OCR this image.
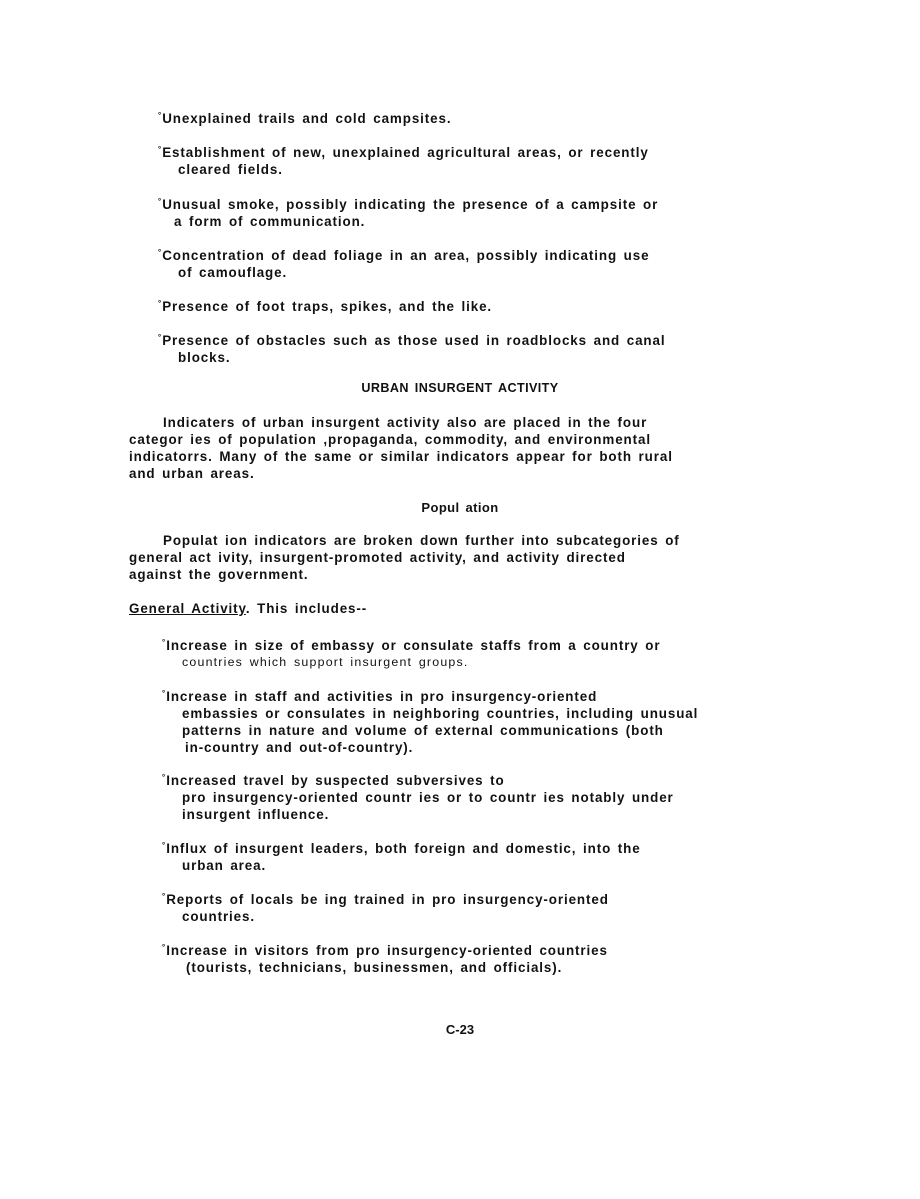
°Unexplained trails and cold campsites.
°Establishment of new, unexplained agricultural areas, or recently
cleared fields.
°Unusual smoke, possibly indicating the presence of a campsite or
a form of communication.
°Concentration of dead foliage in an area, possibly indicating use
of camouflage.
°Presence of foot traps, spikes, and the like.
°Presence of obstacles such as those used in roadblocks and canal
blocks.
URBAN INSURGENT ACTIVITY
Indicaters of urban insurgent activity also are placed in the four
categor ies of population ,propaganda, commodity, and environmental
indicatorrs. Many of the same or similar indicators appear for both rural
and urban areas.
Popul ation
Populat ion indicators are broken down further into subcategories of
general act ivity, insurgent-promoted activity, and activity directed
against the government.
General Activity. This includes--
°Increase in size of embassy or consulate staffs from a country or
countries which support insurgent groups.
°Increase in staff and activities in pro insurgency-oriented
embassies or consulates in neighboring countries, including unusual
patterns in nature and volume of external communications (both
in-country and out-of-country).
°Increased travel by suspected subversives to
pro insurgency-oriented countr ies or to countr ies notably under
insurgent influence.
°Influx of insurgent leaders, both foreign and domestic, into the
urban area.
°Reports of locals be ing trained in pro insurgency-oriented
countries.
°Increase in visitors from pro insurgency-oriented countries
(tourists, technicians, businessmen, and officials).
C-23
